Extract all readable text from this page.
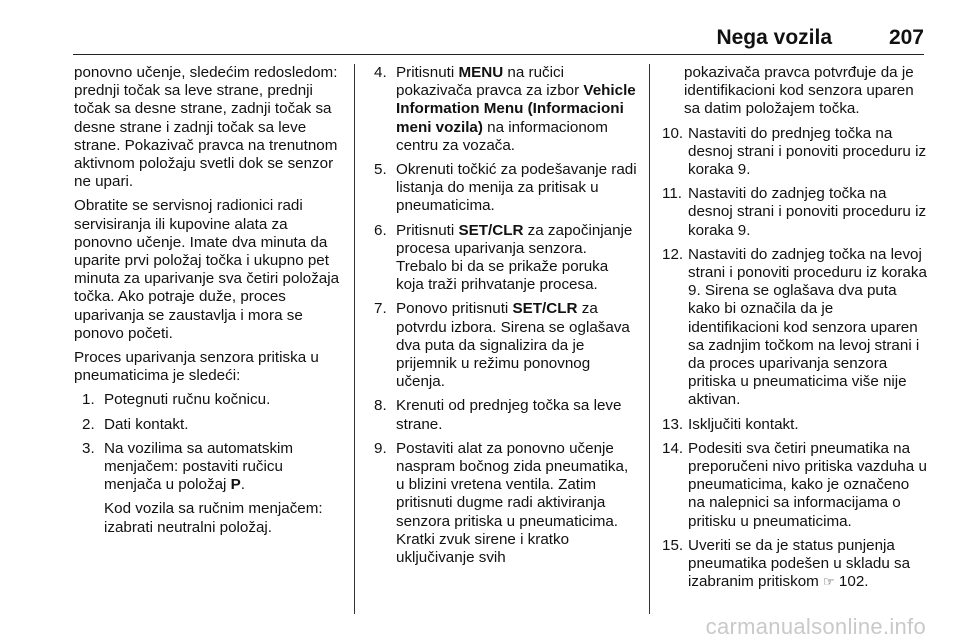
Nega vozila	207

ponovno učenje, sledećim redosledom: prednji točak sa leve strane, prednji točak sa desne strane, zadnji točak sa desne strane i zadnji točak sa leve strane. Pokazivač pravca na trenutnom aktivnom položaju svetli dok se senzor ne upari.

Obratite se servisnoj radionici radi servisiranja ili kupovine alata za ponovno učenje. Imate dva minuta da uparite prvi položaj točka i ukupno pet minuta za uparivanje sva četiri položaja točka. Ako potraje duže, proces uparivanja se zaustavlja i mora se ponovo početi.

Proces uparivanja senzora pritiska u pneumaticima je sledeći:

1. Potegnuti ručnu kočnicu.
2. Dati kontakt.
3. Na vozilima sa automatskim menjačem: postaviti ručicu menjača u položaj P.
Kod vozila sa ručnim menjačem: izabrati neutralni položaj.
4. Pritisnuti MENU na ručici pokazivača pravca za izbor Vehicle Information Menu (Informacioni meni vozila) na informacionom centru za vozača.
5. Okrenuti točkić za podešavanje radi listanja do menija za pritisak u pneumaticima.
6. Pritisnuti SET/CLR za započinjanje procesa uparivanja senzora. Trebalo bi da se prikaže poruka koja traži prihvatanje procesa.
7. Ponovo pritisnuti SET/CLR za potvrdu izbora. Sirena se oglašava dva puta da signalizira da je prijemnik u režimu ponovnog učenja.
8. Krenuti od prednjeg točka sa leve strane.
9. Postaviti alat za ponovno učenje naspram bočnog zida pneumatika, u blizini vretena ventila. Zatim pritisnuti dugme radi aktiviranja senzora pritiska u pneumaticima. Kratki zvuk sirene i kratko uključivanje svih
pokazivača pravca potvrđuje da je identifikacioni kod senzora uparen sa datim položajem točka.
10. Nastaviti do prednjeg točka na desnoj strani i ponoviti proceduru iz koraka 9.
11. Nastaviti do zadnjeg točka na desnoj strani i ponoviti proceduru iz koraka 9.
12. Nastaviti do zadnjeg točka na levoj strani i ponoviti proceduru iz koraka 9. Sirena se oglašava dva puta kako bi označila da je identifikacioni kod senzora uparen sa zadnjim točkom na levoj strani i da proces uparivanja senzora pritiska u pneumaticima više nije aktivan.
13. Isključiti kontakt.
14. Podesiti sva četiri pneumatika na preporučeni nivo pritiska vazduha u pneumaticima, kako je označeno na nalepnici sa informacijama o pritisku u pneumaticima.
15. Uveriti se da je status punjenja pneumatika podešen u skladu sa izabranim pritiskom ☞ 102.
carmanualsonline.info
